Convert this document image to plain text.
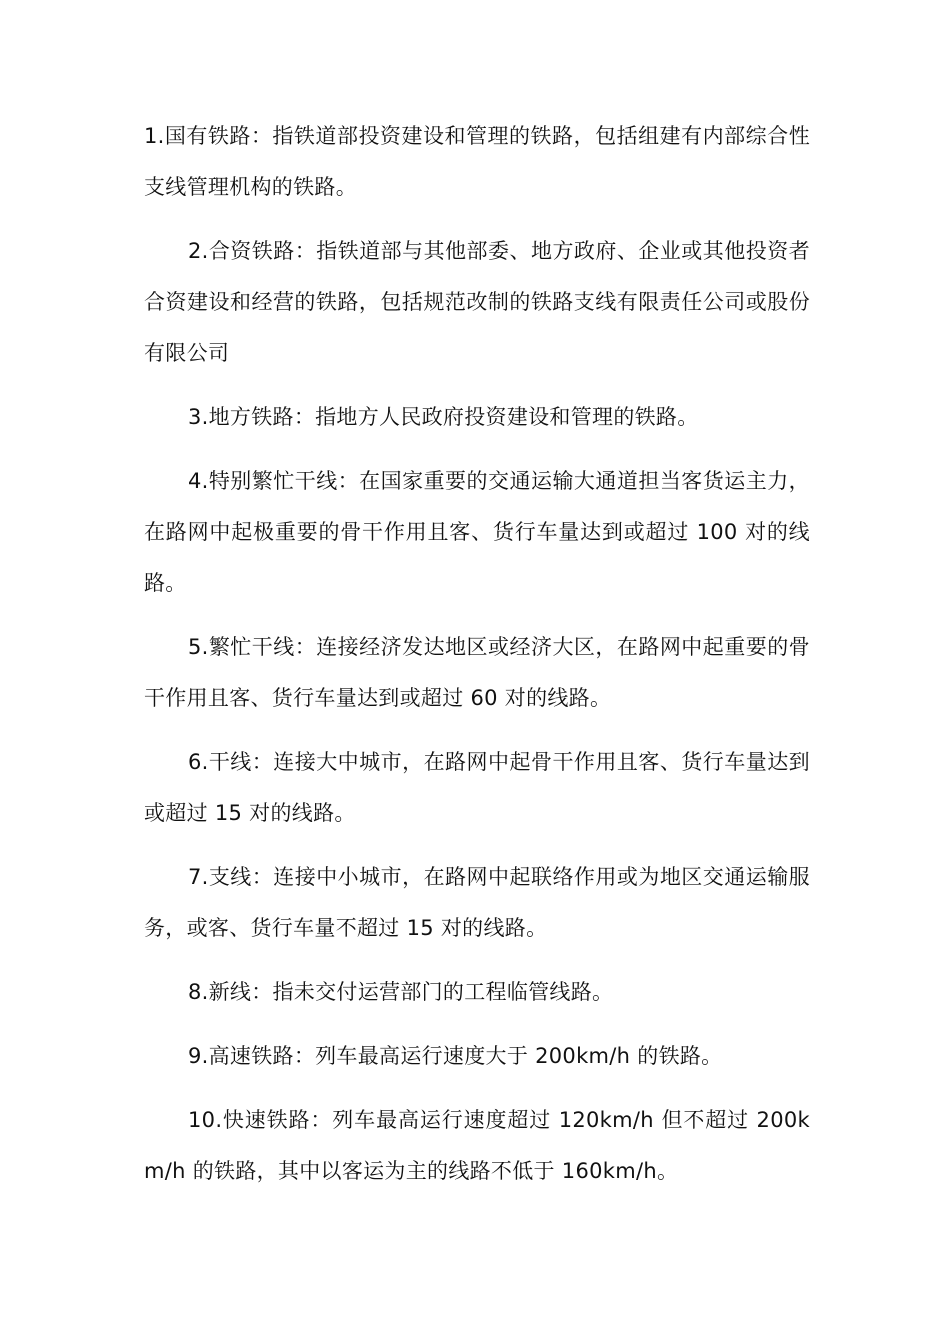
1.国有铁路：指铁道部投资建设和管理的铁路，包括组建有内部综合性支线管理机构的铁路。

2.合资铁路：指铁道部与其他部委、地方政府、企业或其他投资者合资建设和经营的铁路，包括规范改制的铁路支线有限责任公司或股份有限公司

3.地方铁路：指地方人民政府投资建设和管理的铁路。

4.特别繁忙干线：在国家重要的交通运输大通道担当客货运主力，在路网中起极重要的骨干作用且客、货行车量达到或超过 100 对的线路。

5.繁忙干线：连接经济发达地区或经济大区，在路网中起重要的骨干作用且客、货行车量达到或超过 60 对的线路。

6.干线：连接大中城市，在路网中起骨干作用且客、货行车量达到或超过 15 对的线路。

7.支线：连接中小城市，在路网中起联络作用或为地区交通运输服务，或客、货行车量不超过 15 对的线路。

8.新线：指未交付运营部门的工程临管线路。

9.高速铁路：列车最高运行速度大于 200km/h 的铁路。

10.快速铁路：列车最高运行速度超过 120km/h 但不超过 200km/h 的铁路，其中以客运为主的线路不低于 160km/h。
